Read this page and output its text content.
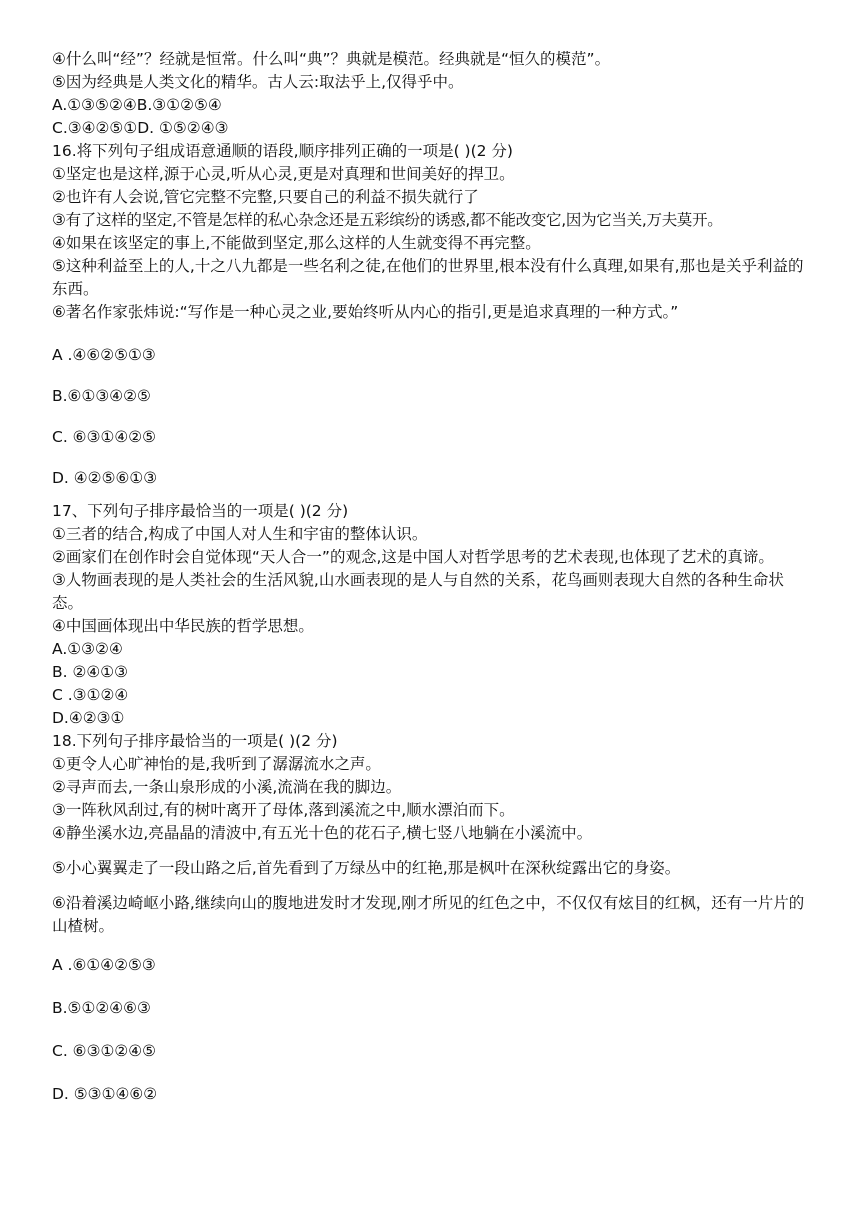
④什么叫“经”？经就是恒常。什么叫“典”？典就是模范。经典就是“恒久的模范”。
⑤因为经典是人类文化的精华。古人云:取法乎上,仅得乎中。
A.①③⑤②④B.③①②⑤④
C.③④②⑤①D. ①⑤②④③
16.将下列句子组成语意通顺的语段,顺序排列正确的一项是( )(2 分)
①坚定也是这样,源于心灵,听从心灵,更是对真理和世间美好的捍卫。
②也许有人会说,管它完整不完整,只要自己的利益不损失就行了
③有了这样的坚定,不管是怎样的私心杂念还是五彩缤纷的诱惑,都不能改变它,因为它当关,万夫莫开。
④如果在该坚定的事上,不能做到坚定,那么这样的人生就变得不再完整。
⑤这种利益至上的人,十之八九都是一些名利之徒,在他们的世界里,根本没有什么真理,如果有,那也是关乎利益的东西。
⑥著名作家张炜说:“写作是一种心灵之业,要始终听从内心的指引,更是追求真理的一种方式。”
A .④⑥②⑤①③
B.⑥①③④②⑤
C. ⑥③①④②⑤
D. ④②⑤⑥①③
17、下列句子排序最恰当的一项是( )(2 分)
①三者的结合,构成了中国人对人生和宇宙的整体认识。
②画家们在创作时会自觉体现“天人合一”的观念,这是中国人对哲学思考的艺术表现,也体现了艺术的真谛。
③人物画表现的是人类社会的生活风貌,山水画表现的是人与自然的关系，花鸟画则表现大自然的各种生命状态。
④中国画体现出中华民族的哲学思想。
A.①③②④
B. ②④①③
C .③①②④
D.④②③①
18.下列句子排序最恰当的一项是( )(2 分)
①更令人心旷神怡的是,我听到了潺潺流水之声。
②寻声而去,一条山泉形成的小溪,流淌在我的脚边。
③一阵秋风刮过,有的树叶离开了母体,落到溪流之中,顺水漂泊而下。
④静坐溪水边,亮晶晶的清波中,有五光十色的花石子,横七竖八地躺在小溪流中。
⑤小心翼翼走了一段山路之后,首先看到了万绿丛中的红艳,那是枫叶在深秋绽露出它的身姿。
⑥沿着溪边崎岖小路,继续向山的腹地进发时才发现,刚才所见的红色之中，不仅仅有炫目的红枫，还有一片片的山楂树。
A .⑥①④②⑤③
B.⑤①②④⑥③
C. ⑥③①②④⑤
D. ⑤③①④⑥②
